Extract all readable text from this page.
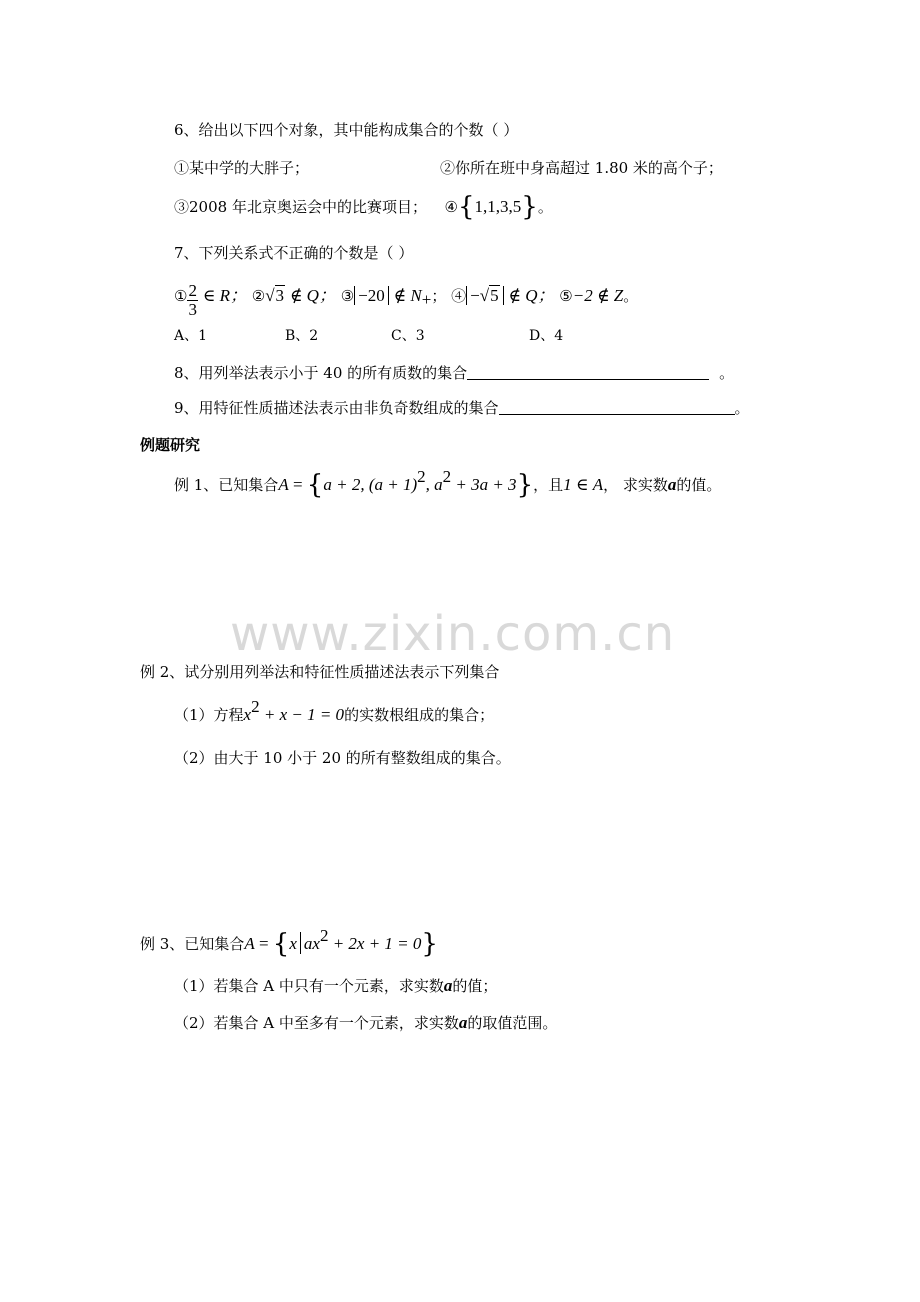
6、给出以下四个对象，其中能构成集合的个数（ ）
①某中学的大胖子；	②你所在班中身高超过 1.80 米的高个子；
③2008 年北京奥运会中的比赛项目； ④{1,1,3,5}。
7、下列关系式不正确的个数是（ ）
① $\frac{2}{3}$ ∈ R； ②√3 ∉ Q； ③ −20 ∉ $N_+$； ④ −√5 ∉ Q； ⑤−2 ∉ Z。
A、1	B、2	C、3	D、4
8、用列举法表示小于 40 的所有质数的集合	。
9、用特征性质描述法表示由非负奇数组成的集合	。
例题研究
例 1、已知集合A = {a + 2, $(a + 1)^2$, $a^2 + 3a + 3$}，且1 ∈ A， 求实数a的值。
www.zixin.com.cn
例 2、试分别用列举法和特征性质描述法表示下列集合
（1）方程$x^2 + x - 1 = 0$的实数根组成的集合；
（2）由大于 10 小于 20 的所有整数组成的集合。
例 3、已知集合A = {x $ax^2 + 2x + 1 = 0$}
（1）若集合 A 中只有一个元素，求实数a的值；
（2）若集合 A 中至多有一个元素，求实数a的取值范围。
